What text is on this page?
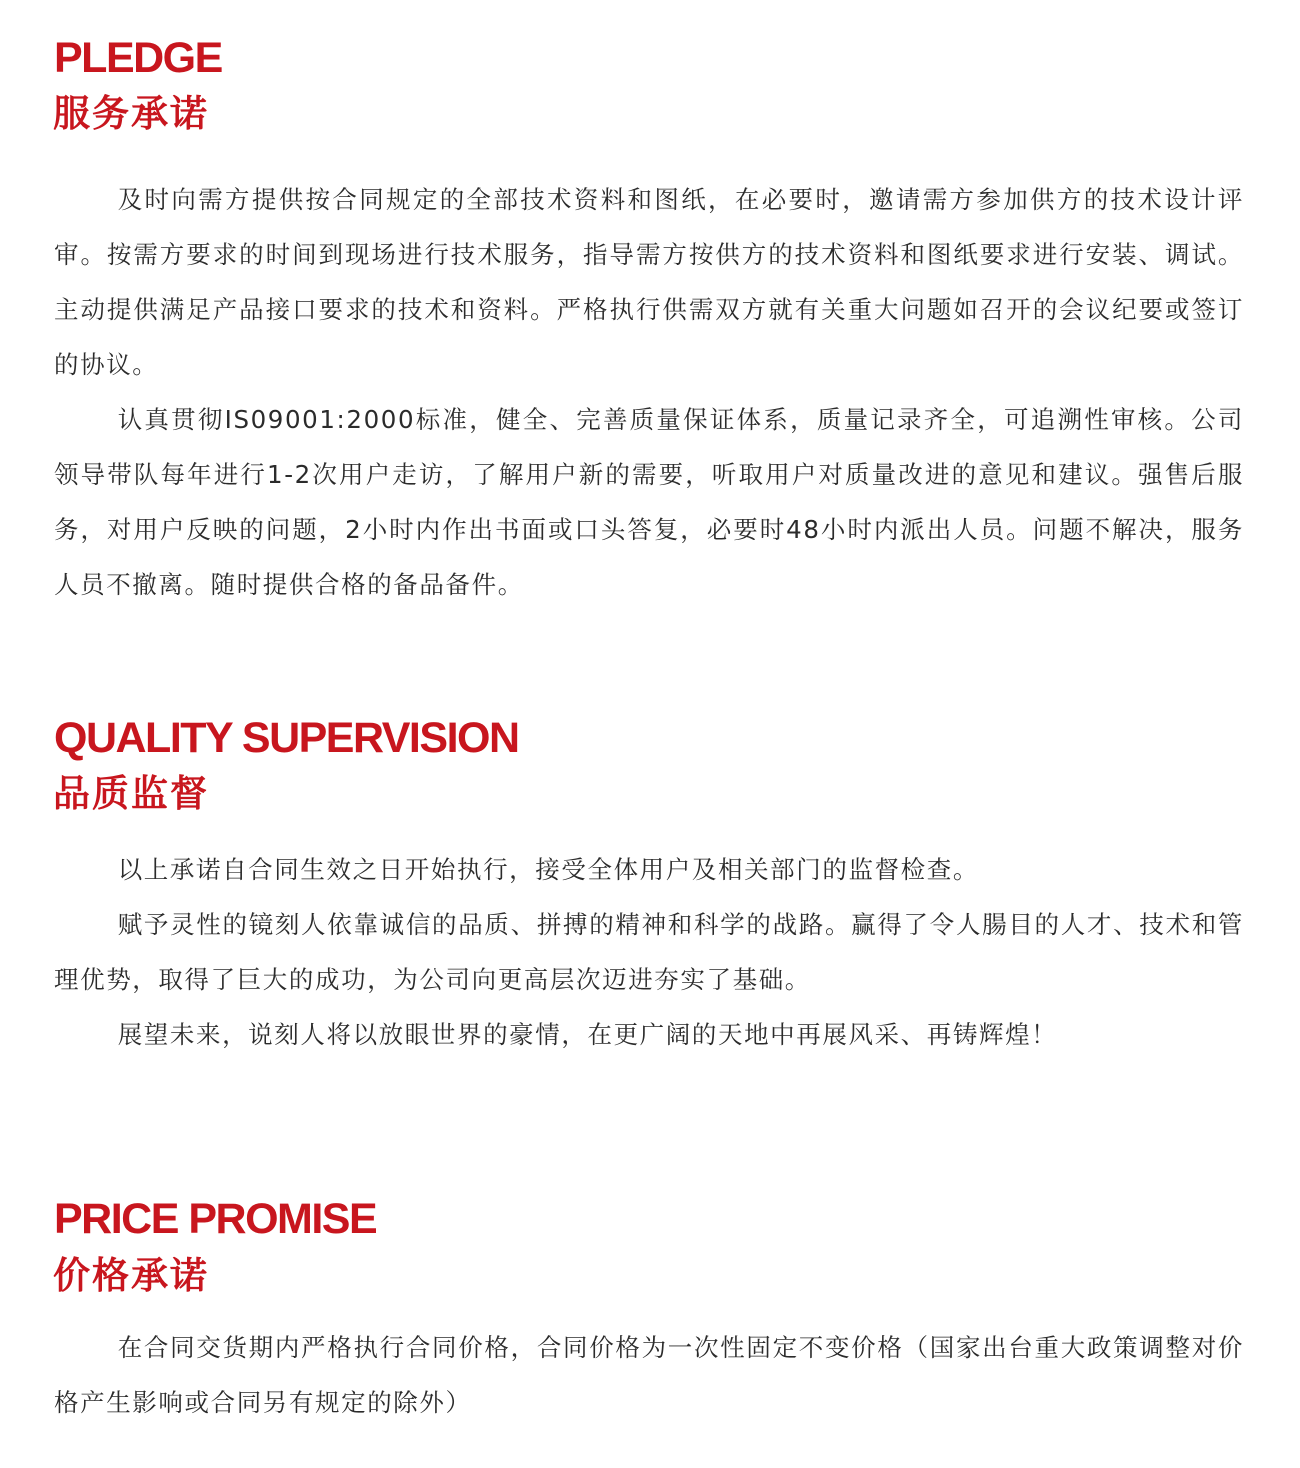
PLEDGE
服务承诺

及时向需方提供按合同规定的全部技术资料和图纸，在必要时，邀请需方参加供方的技术设计评审。按需方要求的时间到现场进行技术服务，指导需方按供方的技术资料和图纸要求进行安装、调试。主动提供满足产品接口要求的技术和资料。严格执行供需双方就有关重大问题如召开的会议纪要或签订的协议。

认真贯彻IS09001:2000标准，健全、完善质量保证体系，质量记录齐全，可追溯性审核。公司领导带队每年进行1-2次用户走访，了解用户新的需要，听取用户对质量改进的意见和建议。强售后服务，对用户反映的问题，2小时内作出书面或口头答复，必要时48小时内派出人员。问题不解决，服务人员不撤离。随时提供合格的备品备件。

QUALITY SUPERVISION
品质监督

以上承诺自合同生效之日开始执行，接受全体用户及相关部门的监督检查。

赋予灵性的镜刻人依靠诚信的品质、拼搏的精神和科学的战路。赢得了令人腸目的人才、技术和管理优势，取得了巨大的成功，为公司向更高层次迈进夯实了基础。

展望未来，说刻人将以放眼世界的豪情，在更广阔的天地中再展风采、再铸辉煌！

PRICE PROMISE
价格承诺

在合同交货期内严格执行合同价格，合同价格为一次性固定不变价格（国家出台重大政策调整对价格产生影响或合同另有规定的除外）
